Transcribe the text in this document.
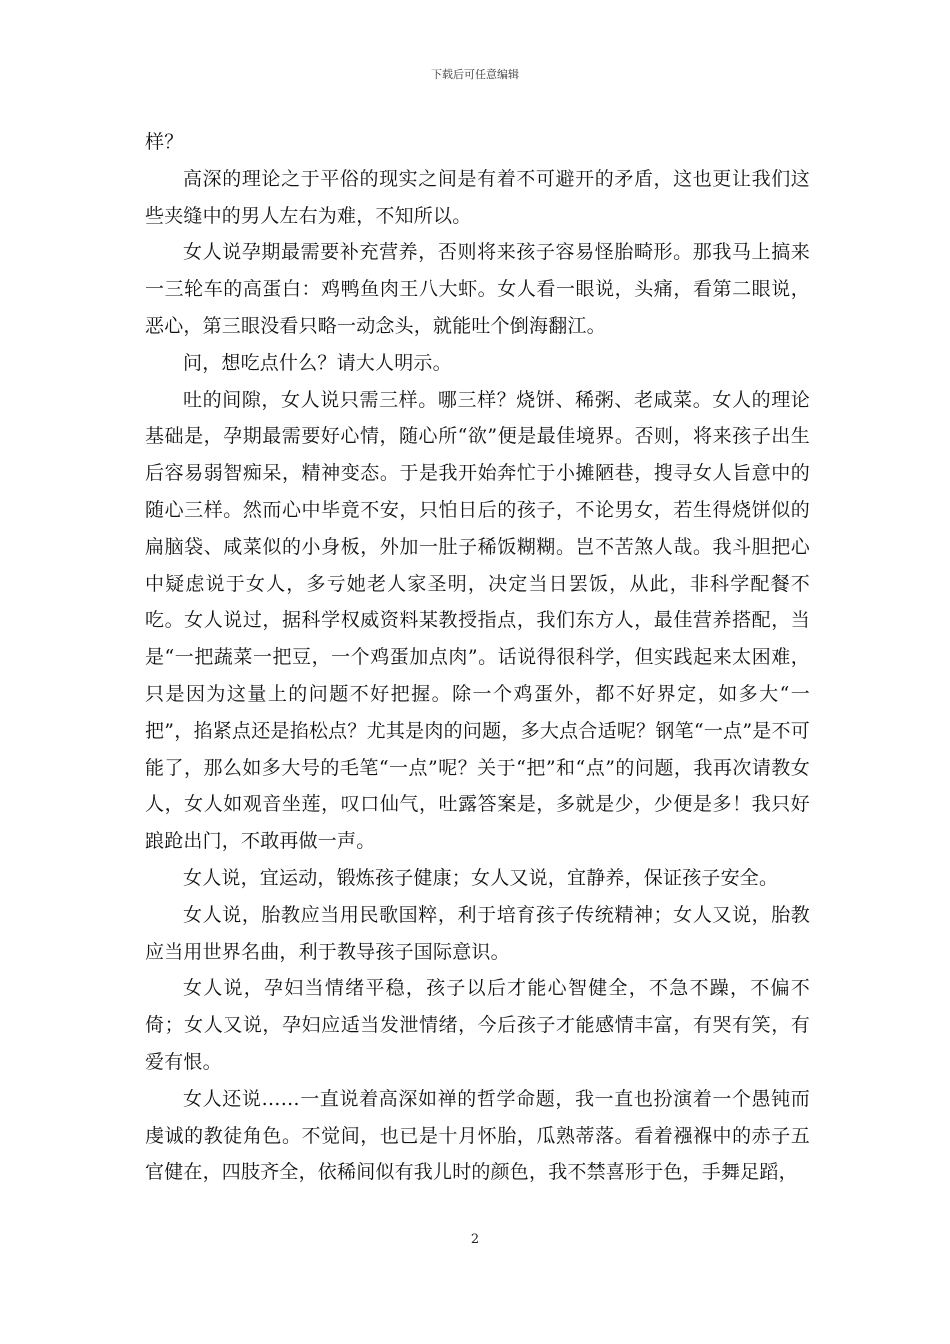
下载后可任意编辑

样？

高深的理论之于平俗的现实之间是有着不可避开的矛盾，这也更让我们这些夹缝中的男人左右为难，不知所以。

女人说孕期最需要补充营养，否则将来孩子容易怪胎畸形。那我马上搞来一三轮车的高蛋白：鸡鸭鱼肉王八大虾。女人看一眼说，头痛，看第二眼说，恶心，第三眼没看只略一动念头，就能吐个倒海翻江。

问，想吃点什么？请大人明示。

吐的间隙，女人说只需三样。哪三样？烧饼、稀粥、老咸菜。女人的理论基础是，孕期最需要好心情，随心所“欲”便是最佳境界。否则，将来孩子出生后容易弱智痴呆，精神变态。于是我开始奔忙于小摊陋巷，搜寻女人旨意中的随心三样。然而心中毕竟不安，只怕日后的孩子，不论男女，若生得烧饼似的扁脑袋、咸菜似的小身板，外加一肚子稀饭糊糊。岂不苦煞人哉。我斗胆把心中疑虑说于女人，多亏她老人家圣明，决定当日罢饭，从此，非科学配餐不吃。女人说过，据科学权威资料某教授指点，我们东方人，最佳营养搭配，当是“一把蔬菜一把豆，一个鸡蛋加点肉”。话说得很科学，但实践起来太困难，只是因为这量上的问题不好把握。除一个鸡蛋外，都不好界定，如多大“一把”，掐紧点还是掐松点？尤其是肉的问题，多大点合适呢？钢笔“一点”是不可能了，那么如多大号的毛笔“一点”呢？关于“把”和“点”的问题，我再次请教女人，女人如观音坐莲，叹口仙气，吐露答案是，多就是少，少便是多！我只好踉跄出门，不敢再做一声。

女人说，宜运动，锻炼孩子健康；女人又说，宜静养，保证孩子安全。

女人说，胎教应当用民歌国粹，利于培育孩子传统精神；女人又说，胎教应当用世界名曲，利于教导孩子国际意识。

女人说，孕妇当情绪平稳，孩子以后才能心智健全，不急不躁，不偏不倚；女人又说，孕妇应适当发泄情绪，今后孩子才能感情丰富，有哭有笑，有爱有恨。

女人还说……一直说着高深如禅的哲学命题，我一直也扮演着一个愚钝而虔诚的教徒角色。不觉间，也已是十月怀胎，瓜熟蒂落。看着襁褓中的赤子五官健在，四肢齐全，依稀间似有我儿时的颜色，我不禁喜形于色，手舞足蹈，

2
